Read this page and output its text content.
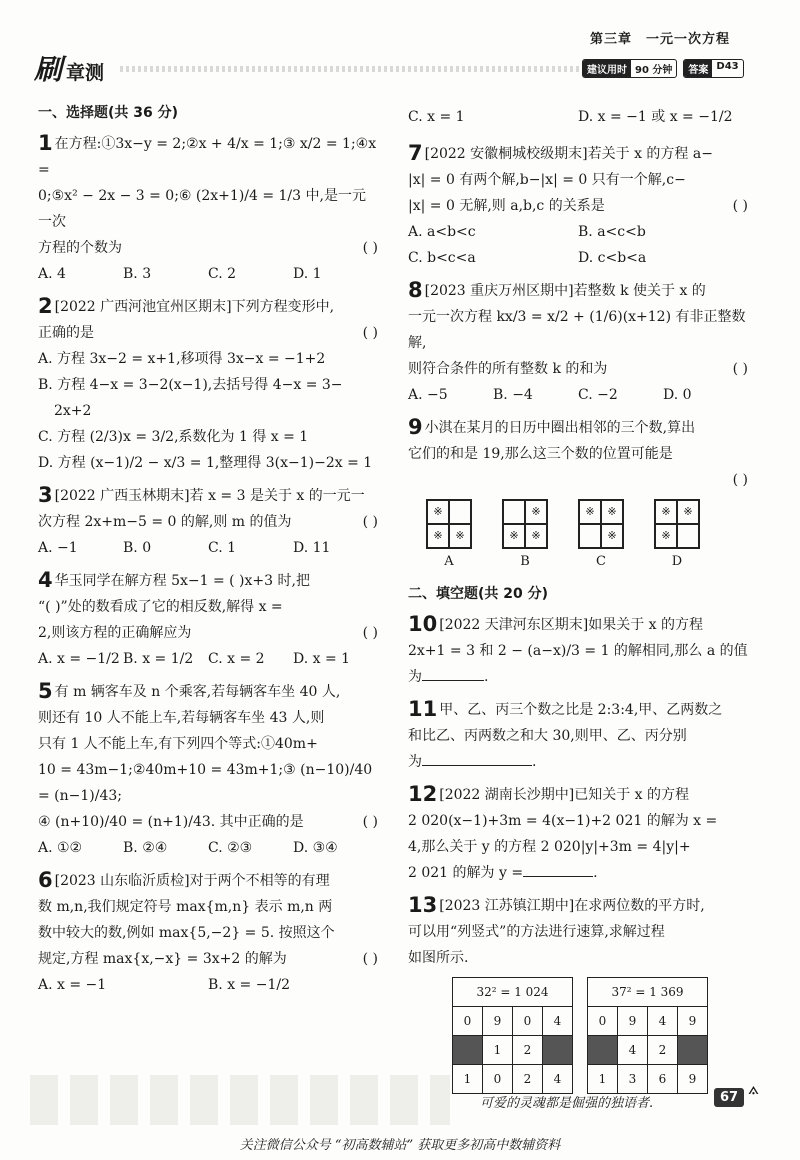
刷 章测
第三章 一元一次方程
建议用时 90 分钟	答案 D43
一、选择题(共 36 分)

1 在方程:①3x−y = 2;②x + 4/x = 1;③ x/2 = 1;④x =

0;⑤x² − 2x − 3 = 0;⑥ (2x+1)/4 = 1/3 中,是一元一次

方程的个数为	( )

A. 4	B. 3	C. 2	D. 1

2 [2022 广西河池宜州区期末]下列方程变形中,

正确的是	( )

A. 方程 3x−2 = x+1,移项得 3x−x = −1+2

B. 方程 4−x = 3−2(x−1),去括号得 4−x = 3−

2x+2

C. 方程 (2/3)x = 3/2,系数化为 1 得 x = 1

D. 方程 (x−1)/2 − x/3 = 1,整理得 3(x−1)−2x = 1

3 [2022 广西玉林期末]若 x = 3 是关于 x 的一元一

次方程 2x+m−5 = 0 的解,则 m 的值为	( )

A. −1	B. 0	C. 1	D. 11

4 华玉同学在解方程 5x−1 = ( )x+3 时,把

“( )”处的数看成了它的相反数,解得 x =

2,则该方程的正确解应为	( )

A. x = −1/2 B. x = 1/2	C. x = 2	D. x = 1

5 有 m 辆客车及 n 个乘客,若每辆客车坐 40 人,

则还有 10 人不能上车,若每辆客车坐 43 人,则

只有 1 人不能上车,有下列四个等式:①40m+

10 = 43m−1;②40m+10 = 43m+1;③ (n−10)/40 = (n−1)/43;

④ (n+10)/40 = (n+1)/43. 其中正确的是	( )

A. ①②	B. ②④	C. ②③	D. ③④

6 [2023 山东临沂质检]对于两个不相等的有理

数 m,n,我们规定符号 max{m,n} 表示 m,n 两

数中较大的数,例如 max{5,−2} = 5. 按照这个

规定,方程 max{x,−x} = 3x+2 的解为	( )

A. x = −1	B. x = −1/2
C. x = 1	D. x = −1 或 x = −1/2

7 [2022 安徽桐城校级期末]若关于 x 的方程 a−

|x| = 0 有两个解,b−|x| = 0 只有一个解,c−

|x| = 0 无解,则 a,b,c 的关系是	( )

A. a<b<c	B. a<c<b
C. b<c<a	D. c<b<a

8 [2023 重庆万州区期中]若整数 k 使关于 x 的

一元一次方程 kx/3 = x/2 + (1/6)(x+12) 有非正整数解,

则符合条件的所有整数 k 的和为	( )

A. −5	B. −4	C. −2	D. 0

9 小淇在某月的日历中圈出相邻的三个数,算出

它们的和是 19,那么这三个数的位置可能是

( )

※
※	※
A
※
※	※
B
※	※
※
C
※	※
※
D
二、填空题(共 20 分)

10 [2022 天津河东区期末]如果关于 x 的方程

2x+1 = 3 和 2 − (a−x)/3 = 1 的解相同,那么 a 的值

为	.

11 甲、乙、丙三个数之比是 2:3:4,甲、乙两数之

和比乙、丙两数之和大 30,则甲、乙、丙分别

为	.

12 [2022 湖南长沙期中]已知关于 x 的方程

2 020(x−1)+3m = 4(x−1)+2 021 的解为 x =

4,那么关于 y 的方程 2 020|y|+3m = 4|y|+

2 021 的解为 y =	.

13 [2023 江苏镇江期中]在求两位数的平方时,

可以用“列竖式”的方法进行速算,求解过程

如图所示.

32² = 1 024			
0	9	0	4
	1	2	
1	0	2	4
37² = 1 369			
0	9	4	9
	4	2	
1	3	6	9
可爱的灵魂都是倔强的独语者.	67 ⟑
关注微信公众号 “初高数辅站” 获取更多初高中数辅资料
